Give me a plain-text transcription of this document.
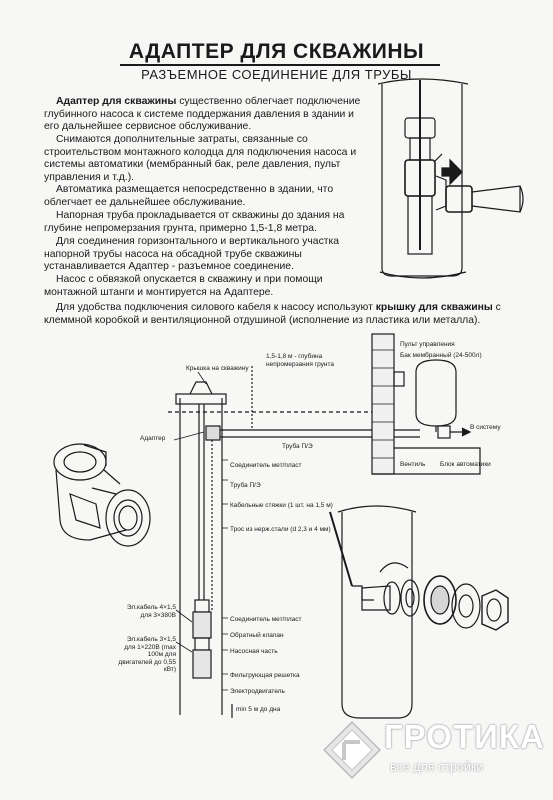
АДАПТЕР ДЛЯ СКВАЖИНЫ
РАЗЪЕМНОЕ СОЕДИНЕНИЕ ДЛЯ ТРУБЫ
Адаптер для скважины существенно облегчает подключение глубинного насоса к системе поддержания давления в здании и его дальнейшее сервисное обслуживание.
Снимаются дополнительные затраты, связанные со строительством монтажного колодца для подключения насоса и системы автоматики (мембранный бак, реле давления, пульт управления и т.д.).
Автоматика размещается непосредственно в здании, что облегчает ее дальнейшее обслуживание.
Напорная труба прокладывается от скважины до здания на глубине непромерзания грунта, примерно 1,5-1,8 метра.
Для соединения горизонтального и вертикального участка напорной трубы насоса на обсадной трубе скважины устанавливается Адаптер - разъемное соединение.
Насос с обвязкой опускается в скважину и при помощи монтажной штанги и монтируется на Адаптере.
Для удобства подключения силового кабеля к насосу используют крышку для скважины с клеммной коробкой и вентиляционной отдушиной (исполнение из пластика или металла).
Крышка на скважину
1,5-1,8 м - глубина непромерзания грунта
Пульт управления
Бак мембранный (24-500л)
В систему
Адаптер
Труба П/Э
Вентиль Блок автоматики
Соединитель мет/пласт
Труба П/Э
Кабельные стяжки (1 шт. на 1,5 м)
Трос из нерж.стали (d 2,3 и 4 мм)
Эл.кабель 4×1,5 для 3×380В
Эл.кабель 3×1,5 для 1×220В (max 100м для двигателей до 0,55 кВт)
Соединитель мет/пласт
Обратный клапан
Насосная часть
Фильтрующая решетка
Электродвигатель
min 5 м до дна
ГРОТИКА
все для стройки
